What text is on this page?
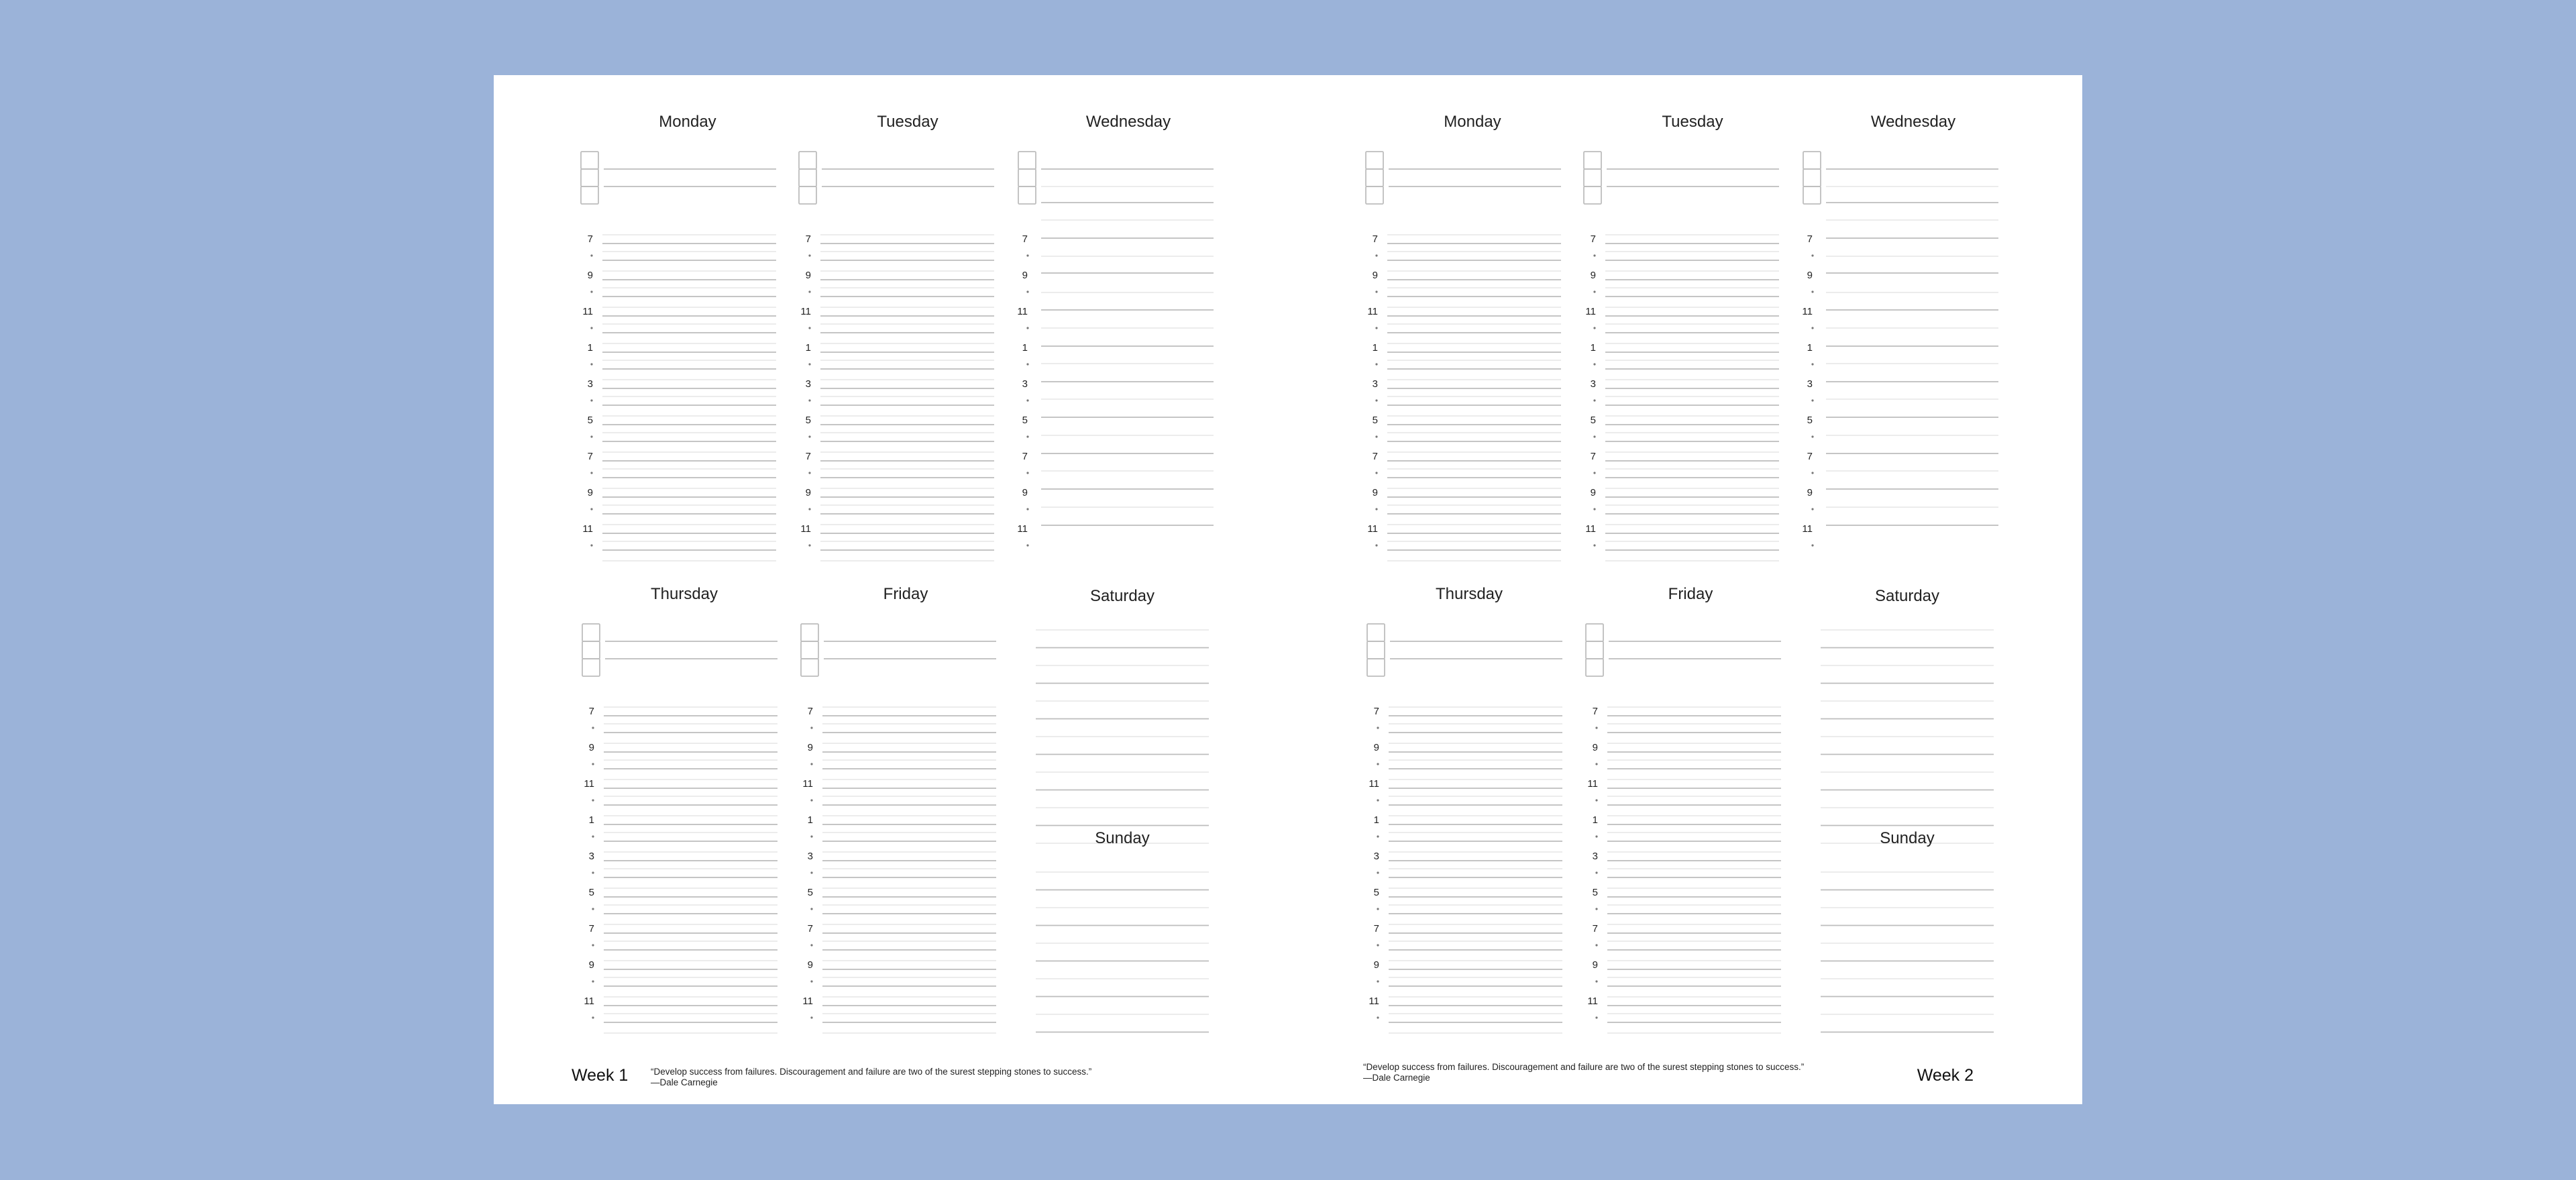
Monday
7
9
11
1
3
5
7
9
11
Tuesday
7
9
11
1
3
5
7
9
11
Wednesday
7
9
11
1
3
5
7
9
11
Thursday
7
9
11
1
3
5
7
9
11
Friday
7
9
11
1
3
5
7
9
11
Saturday
Sunday
Week 1 “Develop success from failures. Discouragement and failure are two of the surest stepping stones to success.”
—Dale Carnegie
Monday
7
9
11
1
3
5
7
9
11
Tuesday
7
9
11
1
3
5
7
9
11
Wednesday
7
9
11
1
3
5
7
9
11
Thursday
7
9
11
1
3
5
7
9
11
Friday
7
9
11
1
3
5
7
9
11
Saturday
Sunday
Week 2
“Develop success from failures. Discouragement and failure are two of the surest stepping stones to success.”
—Dale Carnegie
